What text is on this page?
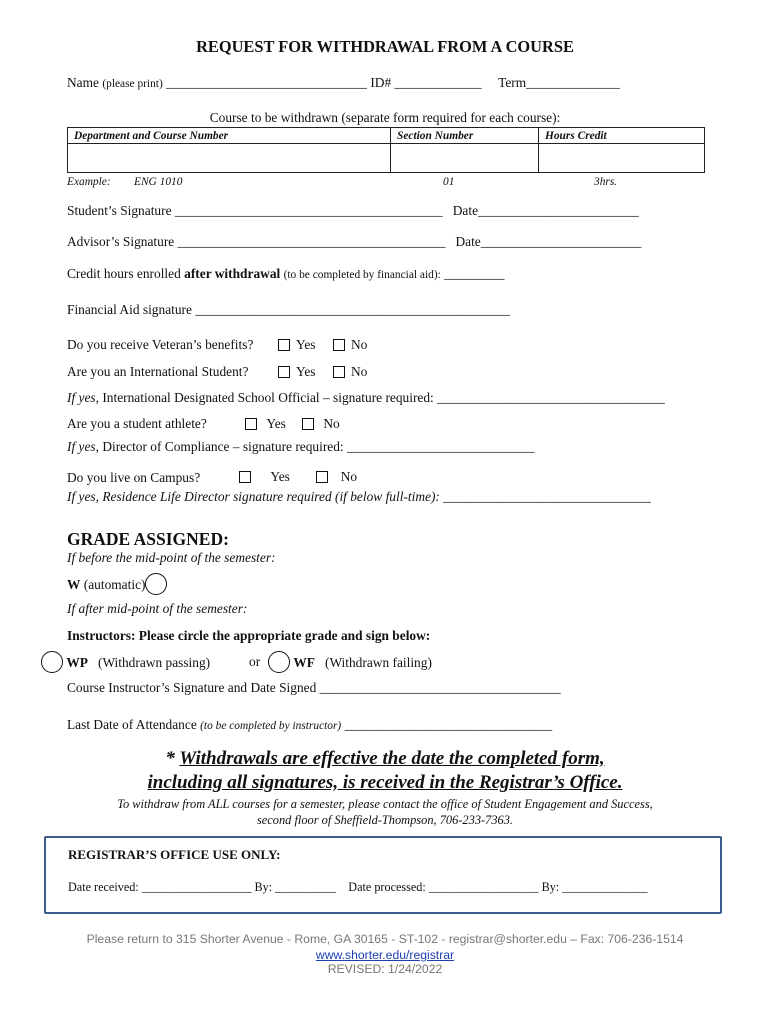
REQUEST FOR WITHDRAWAL FROM A COURSE
Name (please print) ______________________________ ID# _____________ Term______________
Course to be withdrawn (separate form required for each course):
Department and Course Number	Section Number	Hours Credit

Example: ENG 1010	01	3hrs.
Student’s Signature ________________________________________ Date________________________
Advisor’s Signature ________________________________________ Date________________________
Credit hours enrolled after withdrawal (to be completed by financial aid): _________
Financial Aid signature _______________________________________________
Do you receive Veteran’s benefits?	Yes	No
Are you an International Student?	Yes	No
If yes, International Designated School Official – signature required: __________________________________
Are you a student athlete?	Yes	No
If yes, Director of Compliance – signature required: ____________________________
Do you live on Campus?	Yes	No
If yes, Residence Life Director signature required (if below full-time): _______________________________
GRADE ASSIGNED:
If before the mid-point of the semester:
W (automatic)
If after mid-point of the semester:
Instructors: Please circle the appropriate grade and sign below:
WP (Withdrawn passing)	or	WF (Withdrawn failing)
Course Instructor’s Signature and Date Signed ____________________________________
Last Date of Attendance (to be completed by instructor) _______________________________
* Withdrawals are effective the date the completed form,
including all signatures, is received in the Registrar’s Office.
To withdraw from ALL courses for a semester, please contact the office of Student Engagement and Success,
second floor of Sheffield-Thompson, 706-233-7363.
REGISTRAR’S OFFICE USE ONLY:
Date received: __________________ By: __________ Date processed: __________________ By: ______________
Please return to 315 Shorter Avenue - Rome, GA 30165 - ST-102 - registrar@shorter.edu – Fax: 706-236-1514
www.shorter.edu/registrar
REVISED: 1/24/2022
